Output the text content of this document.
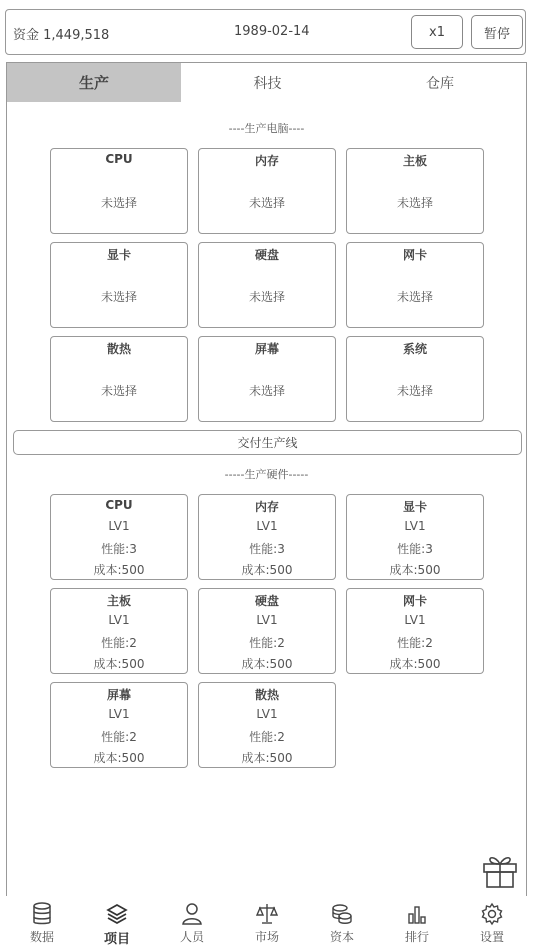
资金 1,449,518	1989-02-14	x1	暂停
生产	科技	仓库
----生产电脑----
CPU
未选择
内存
未选择
主板
未选择
显卡
未选择
硬盘
未选择
网卡
未选择
散热
未选择
屏幕
未选择
系统
未选择
交付生产线
-----生产硬件-----
CPU
LV1
性能:3
成本:500
内存
LV1
性能:3
成本:500
显卡
LV1
性能:3
成本:500
主板
LV1
性能:2
成本:500
硬盘
LV1
性能:2
成本:500
网卡
LV1
性能:2
成本:500
屏幕
LV1
性能:2
成本:500
散热
LV1
性能:2
成本:500
数据	项目	人员	市场	资本	排行	设置
